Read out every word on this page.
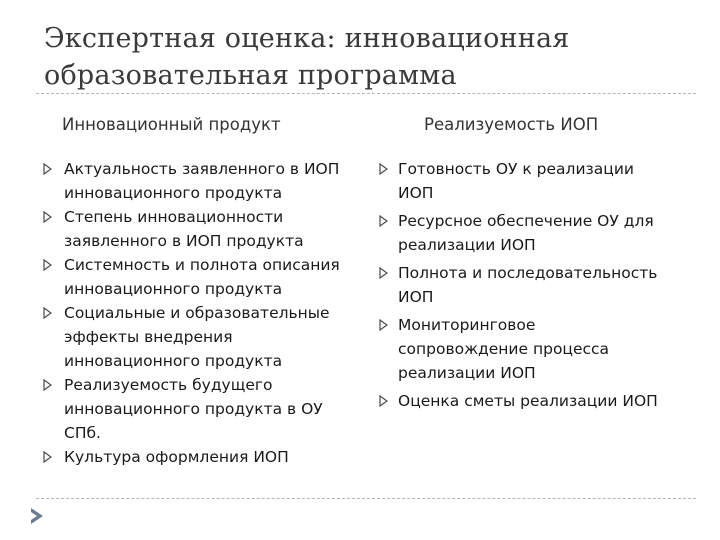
Экспертная оценка: инновационная
образовательная программа
Инновационный продукт	Реализуемость ИОП
Актуальность заявленного в ИОП
инновационного продукта
Степень инновационности
заявленного в ИОП продукта
Системность и полнота описания
инновационного продукта
Социальные и образовательные
эффекты внедрения
инновационного продукта
Реализуемость будущего
инновационного продукта в ОУ
СПб.
Культура оформления ИОП
Готовность ОУ к реализации
ИОП
Ресурсное обеспечение ОУ для
реализации ИОП
Полнота и последовательность
ИОП
Мониторинговое
сопровождение процесса
реализации ИОП
Оценка сметы реализации ИОП
